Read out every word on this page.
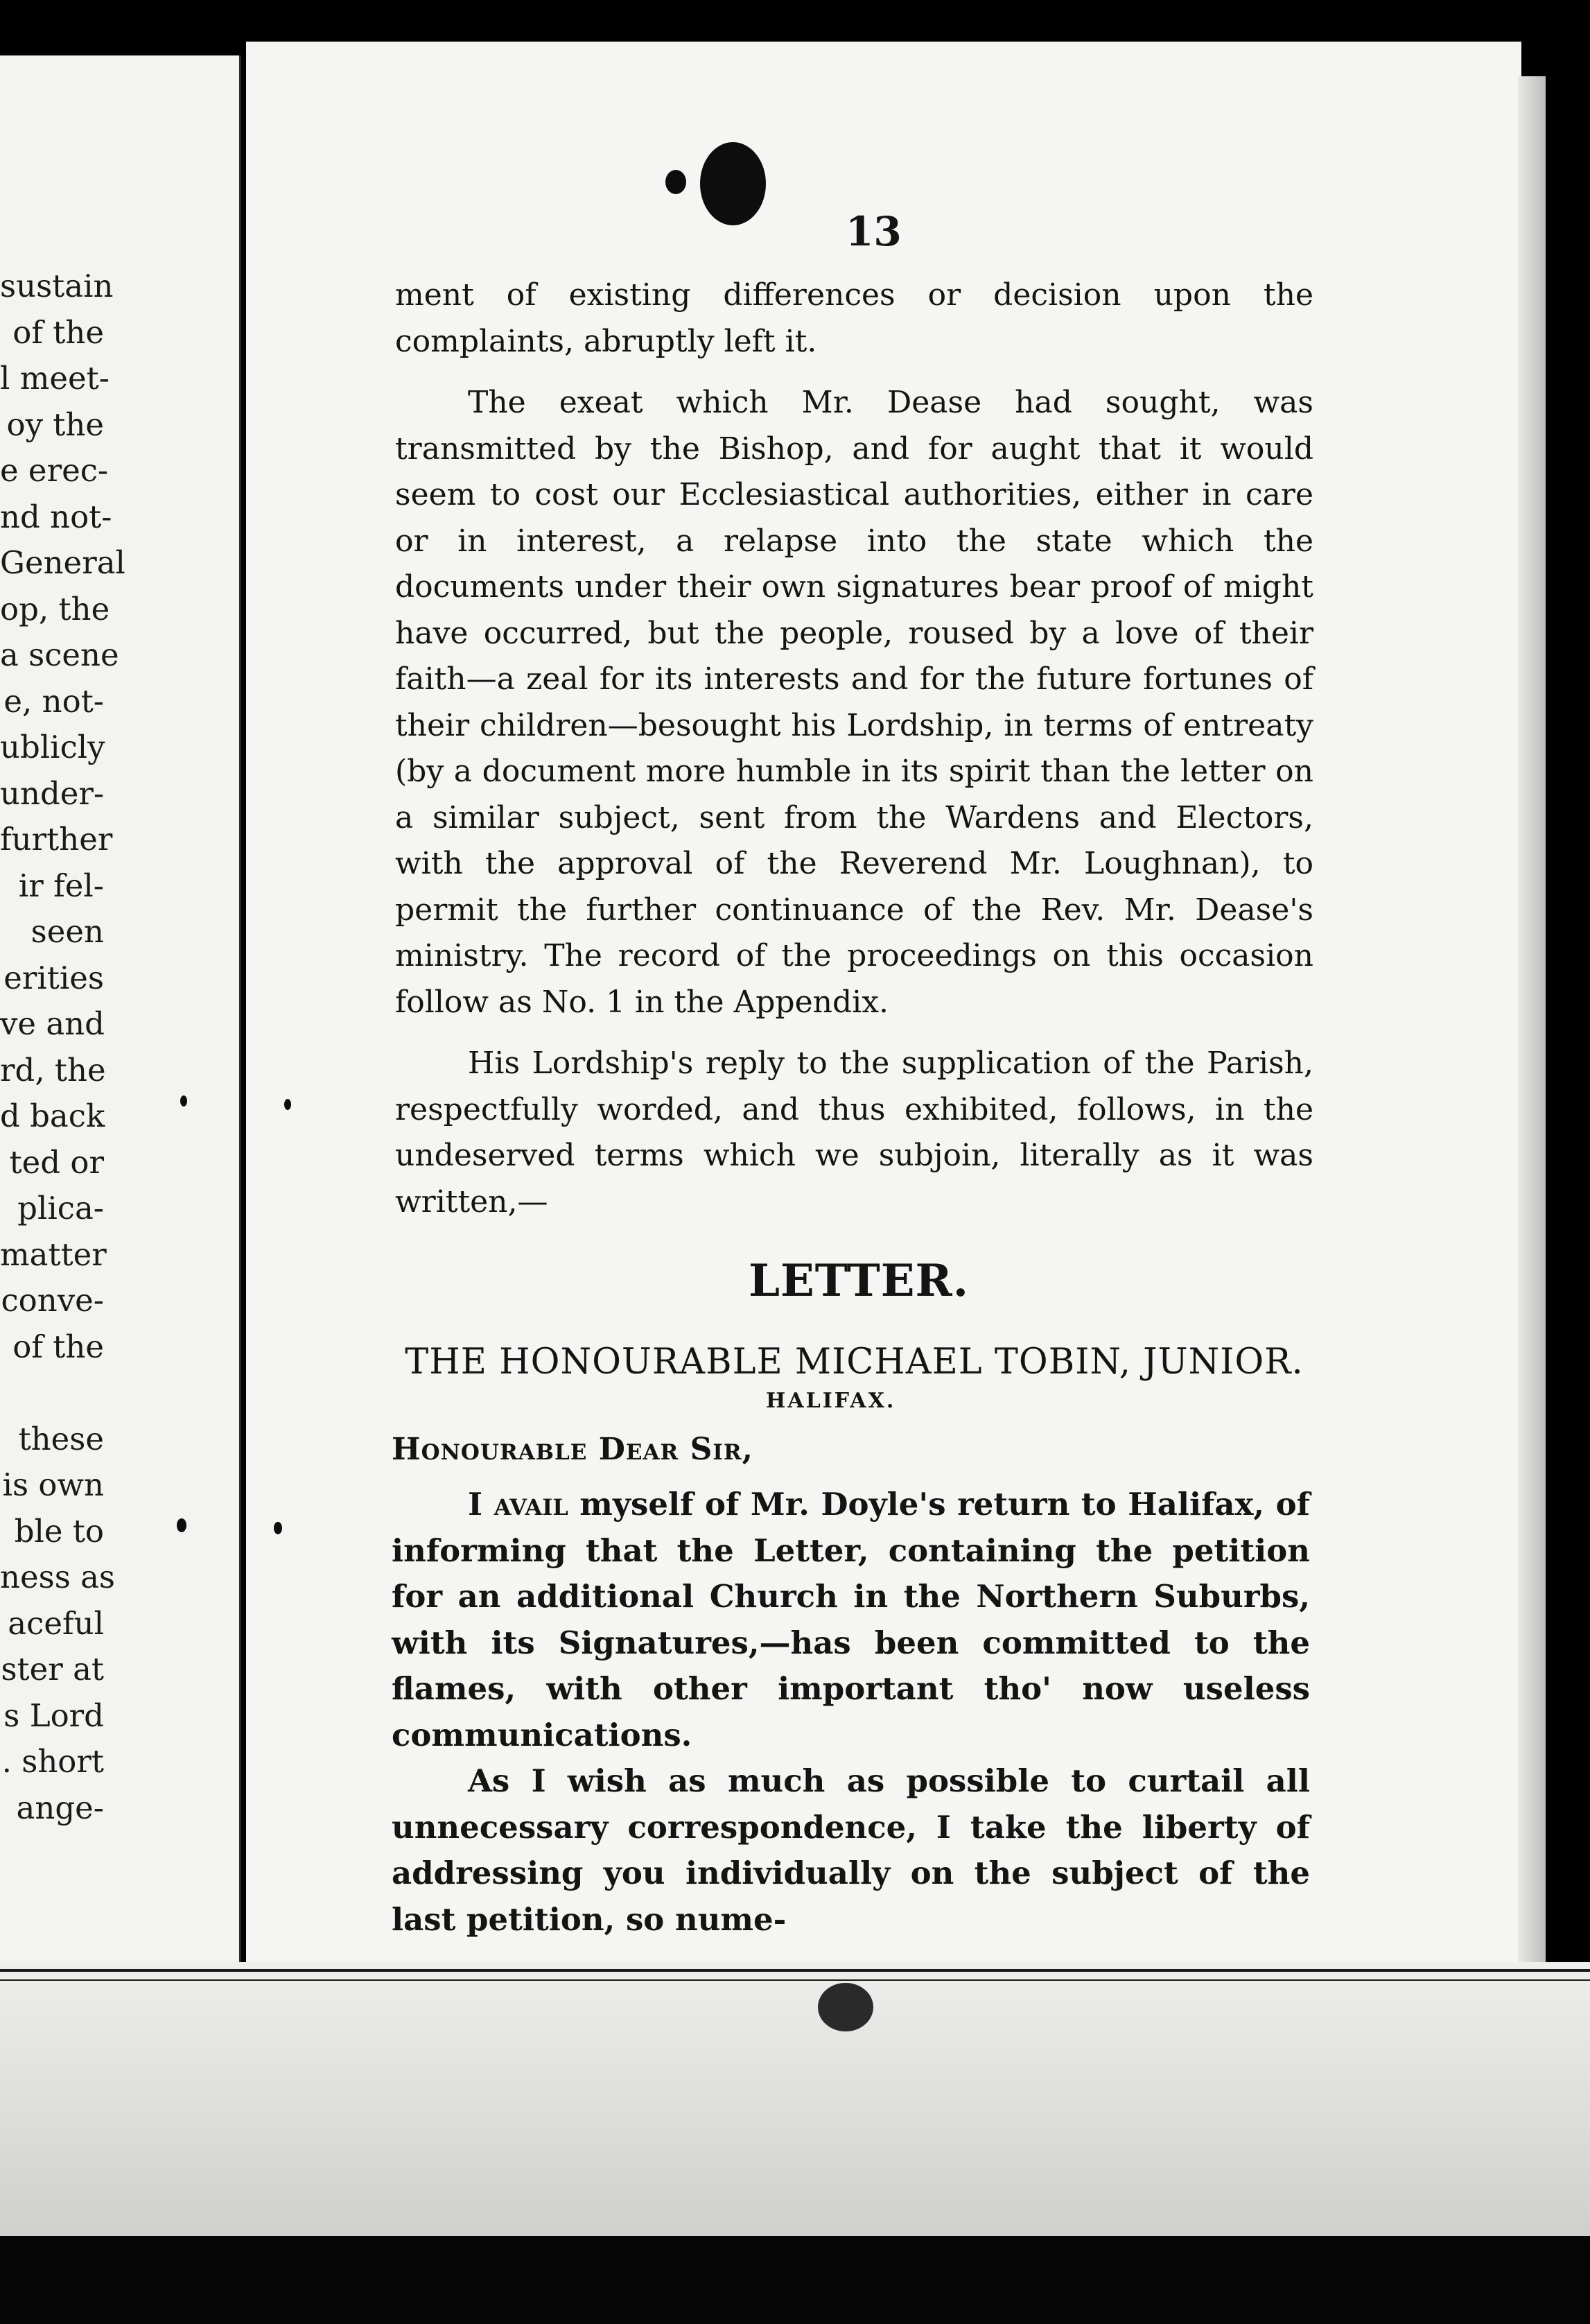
sustain
of the
l meet-
oy the
e erec-
nd not-
General
op, the
a scene
e, not-
ublicly
under-
further
ir fel-
seen
erities
ve and
rd, the
d back
ted or
plica-
matter
conve-
of the
these
is own
ble to
ness as
aceful
ster at
s Lord
. short
ange-
13

ment of existing differences or decision upon the complaints, abruptly left it.

The exeat which Mr. Dease had sought, was transmitted by the Bishop, and for aught that it would seem to cost our Ecclesiastical authorities, either in care or in interest, a relapse into the state which the documents under their own signatures bear proof of might have occurred, but the people, roused by a love of their faith—a zeal for its interests and for the future fortunes of their children—besought his Lordship, in terms of entreaty (by a document more humble in its spirit than the letter on a similar subject, sent from the Wardens and Electors, with the approval of the Reverend Mr. Loughnan), to permit the further continuance of the Rev. Mr. Dease's ministry. The record of the proceedings on this occasion follow as No. 1 in the Appendix.

His Lordship's reply to the supplication of the Parish, respectfully worded, and thus exhibited, follows, in the undeserved terms which we subjoin, literally as it was written,—

LETTER.
THE HONOURABLE MICHAEL TOBIN, JUNIOR.
HALIFAX.
Honourable Dear Sir,

I avail myself of Mr. Doyle's return to Halifax, of informing that the Letter, containing the petition for an additional Church in the Northern Suburbs, with its Signatures,—has been committed to the flames, with other important tho' now useless communications.

As I wish as much as possible to curtail all unnecessary correspondence, I take the liberty of addressing you individually on the subject of the last petition, so nume-
